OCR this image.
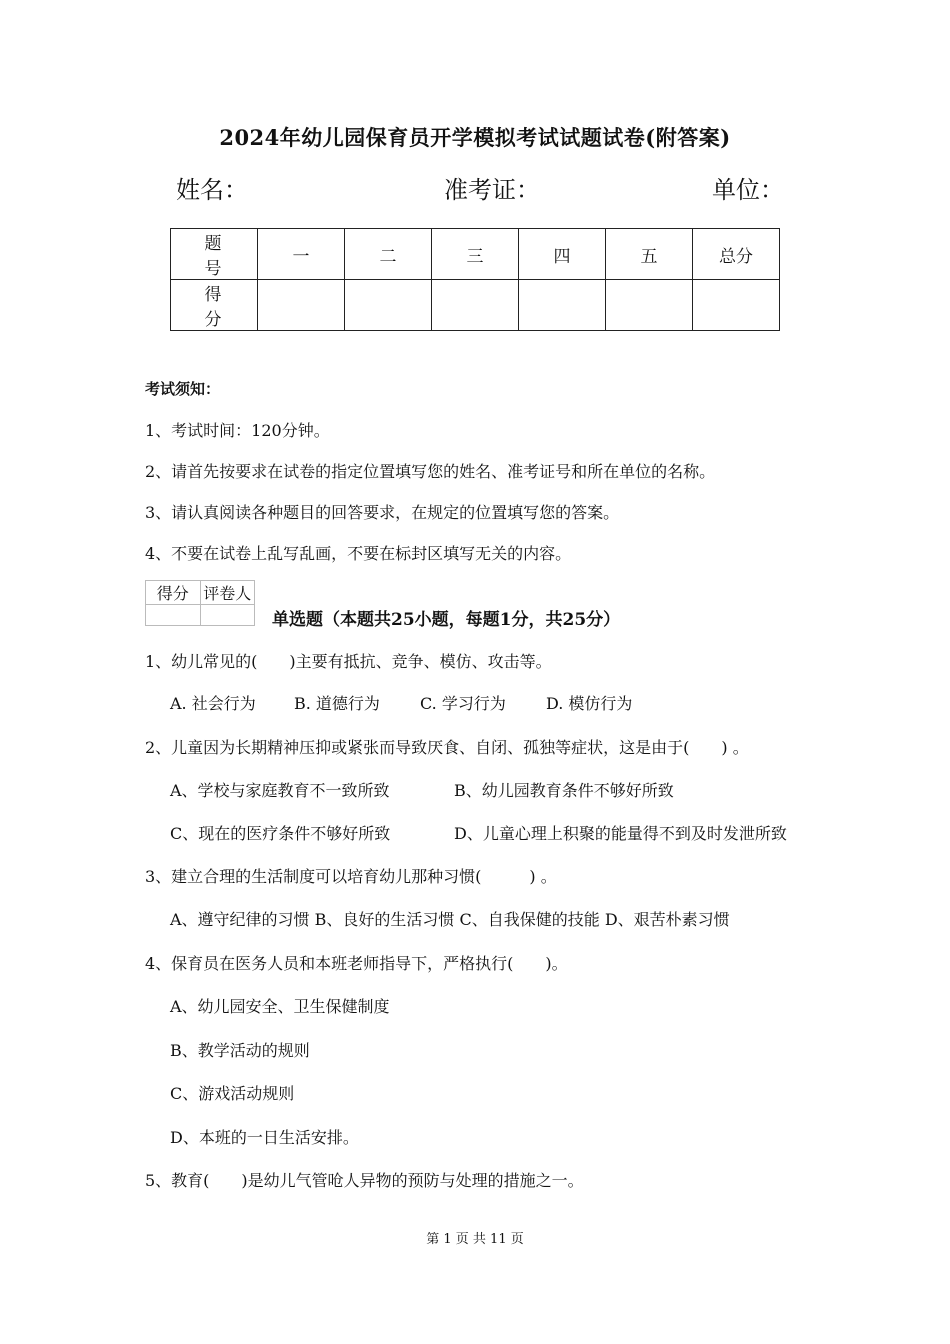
2024年幼儿园保育员开学模拟考试试题试卷(附答案)
姓名：	准考证：	单位：
题　号	一	二	三	四	五	总分
得　分						
考试须知：
1、考试时间：120分钟。
2、请首先按要求在试卷的指定位置填写您的姓名、准考证号和所在单位的名称。
3、请认真阅读各种题目的回答要求，在规定的位置填写您的答案。
4、不要在试卷上乱写乱画，不要在标封区填写无关的内容。
得分	评卷人

单选题（本题共25小题，每题1分，共25分）
1、幼儿常见的(　　)主要有抵抗、竞争、模仿、攻击等。
A. 社会行为 B. 道德行为	C. 学习行为	D. 模仿行为
2、儿童因为长期精神压抑或紧张而导致厌食、自闭、孤独等症状，这是由于(　　) 。
A、学校与家庭教育不一致所致	B、幼儿园教育条件不够好所致
C、现在的医疗条件不够好所致	D、儿童心理上积聚的能量得不到及时发泄所致
3、建立合理的生活制度可以培育幼儿那种习惯(　　　) 。
A、遵守纪律的习惯 B、良好的生活习惯 C、自我保健的技能 D、艰苦朴素习惯
4、保育员在医务人员和本班老师指导下，严格执行(　　)。
A、幼儿园安全、卫生保健制度
B、教学活动的规则
C、游戏活动规则
D、本班的一日生活安排。
5、教育(　　)是幼儿气管呛人异物的预防与处理的措施之一。
第 1 页 共 11 页
